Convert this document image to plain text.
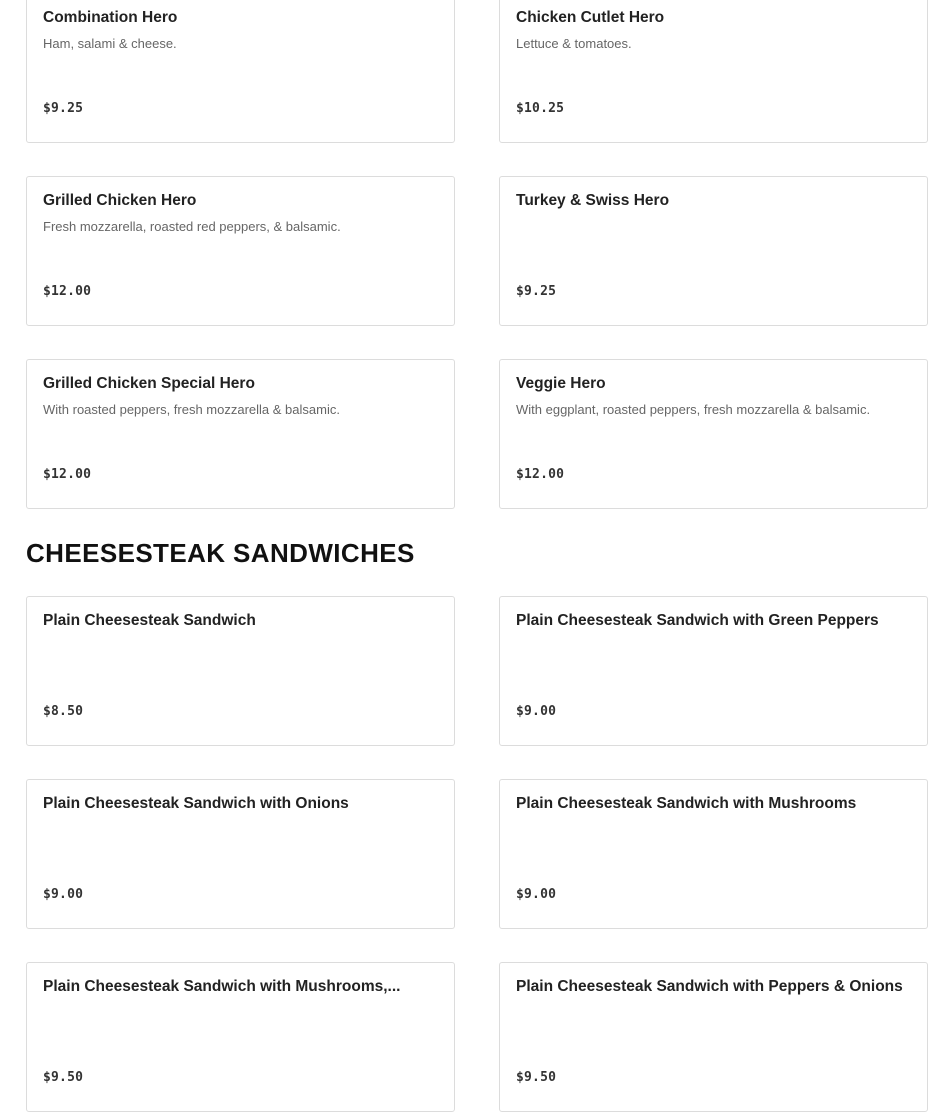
Combination Hero
Ham, salami & cheese.
$9.25
Chicken Cutlet Hero
Lettuce & tomatoes.
$10.25
Grilled Chicken Hero
Fresh mozzarella, roasted red peppers, & balsamic.
$12.00
Turkey & Swiss Hero
$9.25
Grilled Chicken Special Hero
With roasted peppers, fresh mozzarella & balsamic.
$12.00
Veggie Hero
With eggplant, roasted peppers, fresh mozzarella & balsamic.
$12.00
CHEESESTEAK SANDWICHES
Plain Cheesesteak Sandwich
$8.50
Plain Cheesesteak Sandwich with Green Peppers
$9.00
Plain Cheesesteak Sandwich with Onions
$9.00
Plain Cheesesteak Sandwich with Mushrooms
$9.00
Plain Cheesesteak Sandwich with Mushrooms,...
$9.50
Plain Cheesesteak Sandwich with Peppers & Onions
$9.50
